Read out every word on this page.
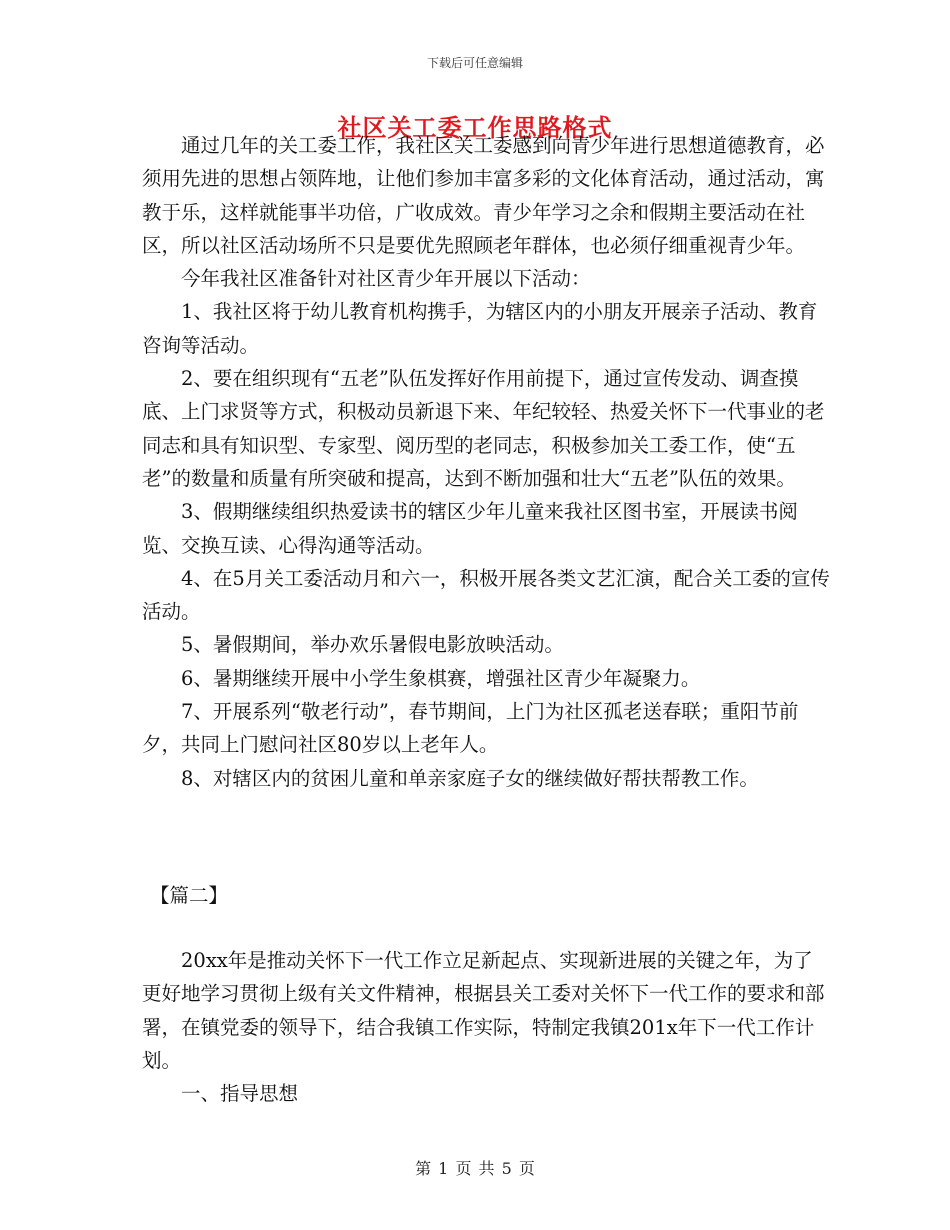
下载后可任意编辑
社区关工委工作思路格式

通过几年的关工委工作，我社区关工委感到向青少年进行思想道德教育，必须用先进的思想占领阵地，让他们参加丰富多彩的文化体育活动，通过活动，寓教于乐，这样就能事半功倍，广收成效。青少年学习之余和假期主要活动在社区，所以社区活动场所不只是要优先照顾老年群体，也必须仔细重视青少年。

今年我社区准备针对社区青少年开展以下活动：

1、我社区将于幼儿教育机构携手，为辖区内的小朋友开展亲子活动、教育咨询等活动。

2、要在组织现有“五老”队伍发挥好作用前提下，通过宣传发动、调查摸底、上门求贤等方式，积极动员新退下来、年纪较轻、热爱关怀下一代事业的老同志和具有知识型、专家型、阅历型的老同志，积极参加关工委工作，使“五老”的数量和质量有所突破和提高，达到不断加强和壮大“五老”队伍的效果。

3、假期继续组织热爱读书的辖区少年儿童来我社区图书室，开展读书阅览、交换互读、心得沟通等活动。

4、在5月关工委活动月和六一，积极开展各类文艺汇演，配合关工委的宣传活动。

5、暑假期间，举办欢乐暑假电影放映活动。

6、暑期继续开展中小学生象棋赛，增强社区青少年凝聚力。

7、开展系列“敬老行动”，春节期间，上门为社区孤老送春联；重阳节前夕，共同上门慰问社区80岁以上老年人。

8、对辖区内的贫困儿童和单亲家庭子女的继续做好帮扶帮教工作。

【篇二】

20xx年是推动关怀下一代工作立足新起点、实现新进展的关键之年，为了更好地学习贯彻上级有关文件精神，根据县关工委对关怀下一代工作的要求和部署，在镇党委的领导下，结合我镇工作实际，特制定我镇201x年下一代工作计划。

一、指导思想

第 1 页 共 5 页
